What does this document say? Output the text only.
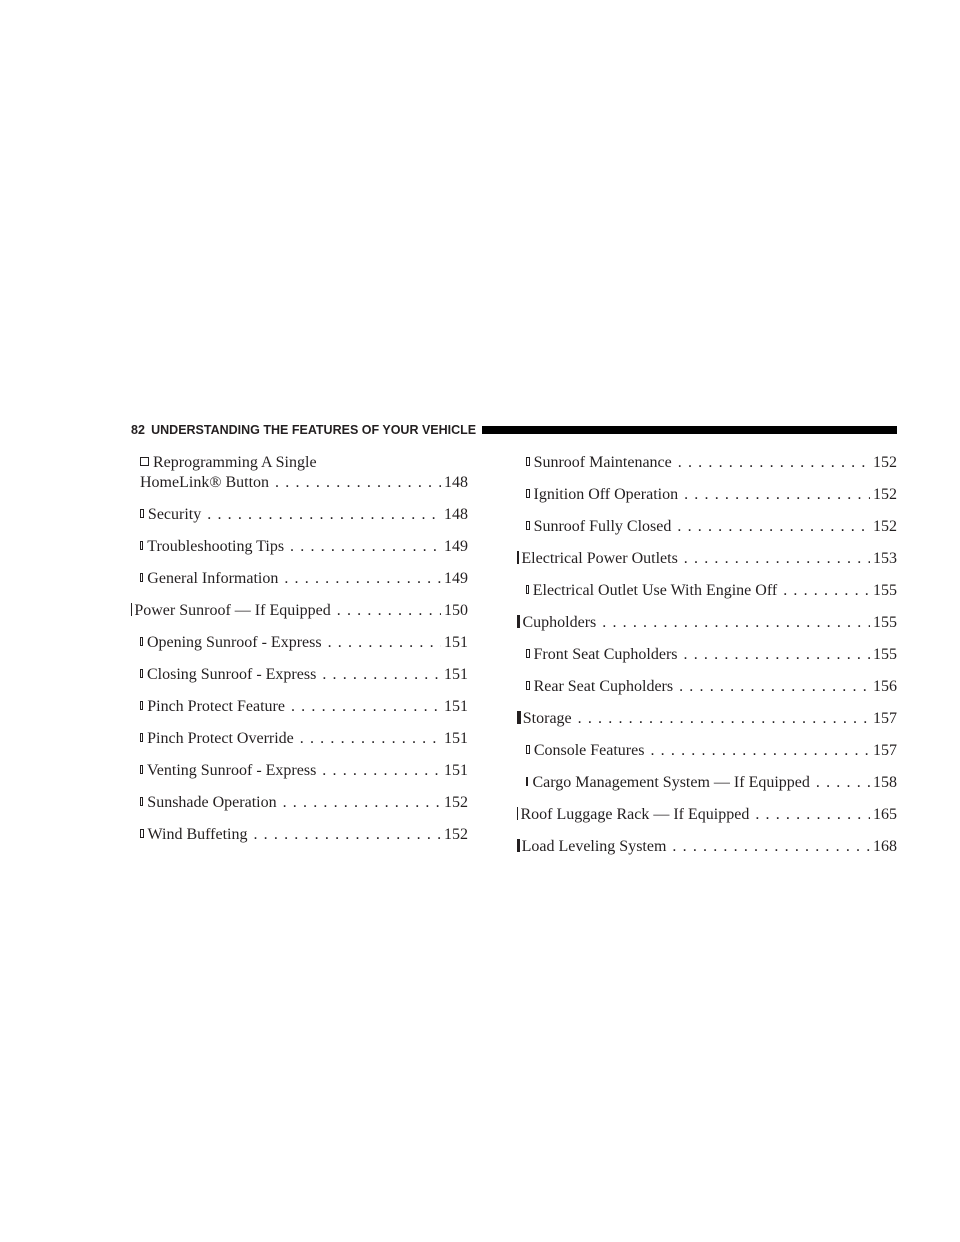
82 UNDERSTANDING THE FEATURES OF YOUR VEHICLE
Reprogramming A Single
HomeLink® Button . . .	148
Security . . .	148
Troubleshooting Tips . . .	149
General Information . . .	149
Power Sunroof — If Equipped . . .	150
Opening Sunroof - Express . . .	151
Closing Sunroof - Express . . .	151
Pinch Protect Feature . . .	151
Pinch Protect Override . . .	151
Venting Sunroof - Express . . .	151
Sunshade Operation . . .	152
Wind Buffeting . . .	152
Sunroof Maintenance . . .	152
Ignition Off Operation . . .	152
Sunroof Fully Closed . . .	152
Electrical Power Outlets . . .	153
Electrical Outlet Use With Engine Off . . .	155
Cupholders . . .	155
Front Seat Cupholders . . .	155
Rear Seat Cupholders . . .	156
Storage . . .	157
Console Features . . .	157
Cargo Management System — If Equipped . . .	158
Roof Luggage Rack — If Equipped . . .	165
Load Leveling System . . .	168
